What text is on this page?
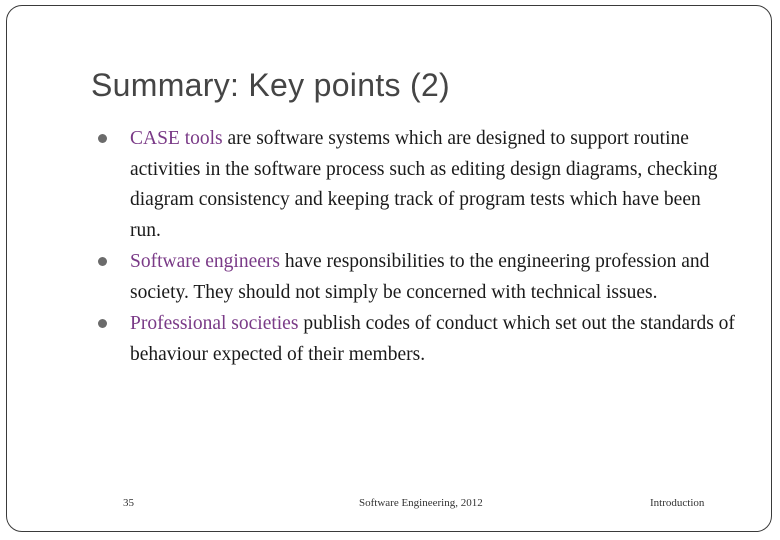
Summary: Key points (2)
CASE tools are software systems which are designed to support routine activities in the software process such as editing design diagrams, checking diagram consistency and keeping track of program tests which have been run.
Software engineers have responsibilities to the engineering profession and society. They should not simply be concerned with technical issues.
Professional societies publish codes of conduct which set out the standards of behaviour expected of their members.
35	Software Engineering, 2012	Introduction
